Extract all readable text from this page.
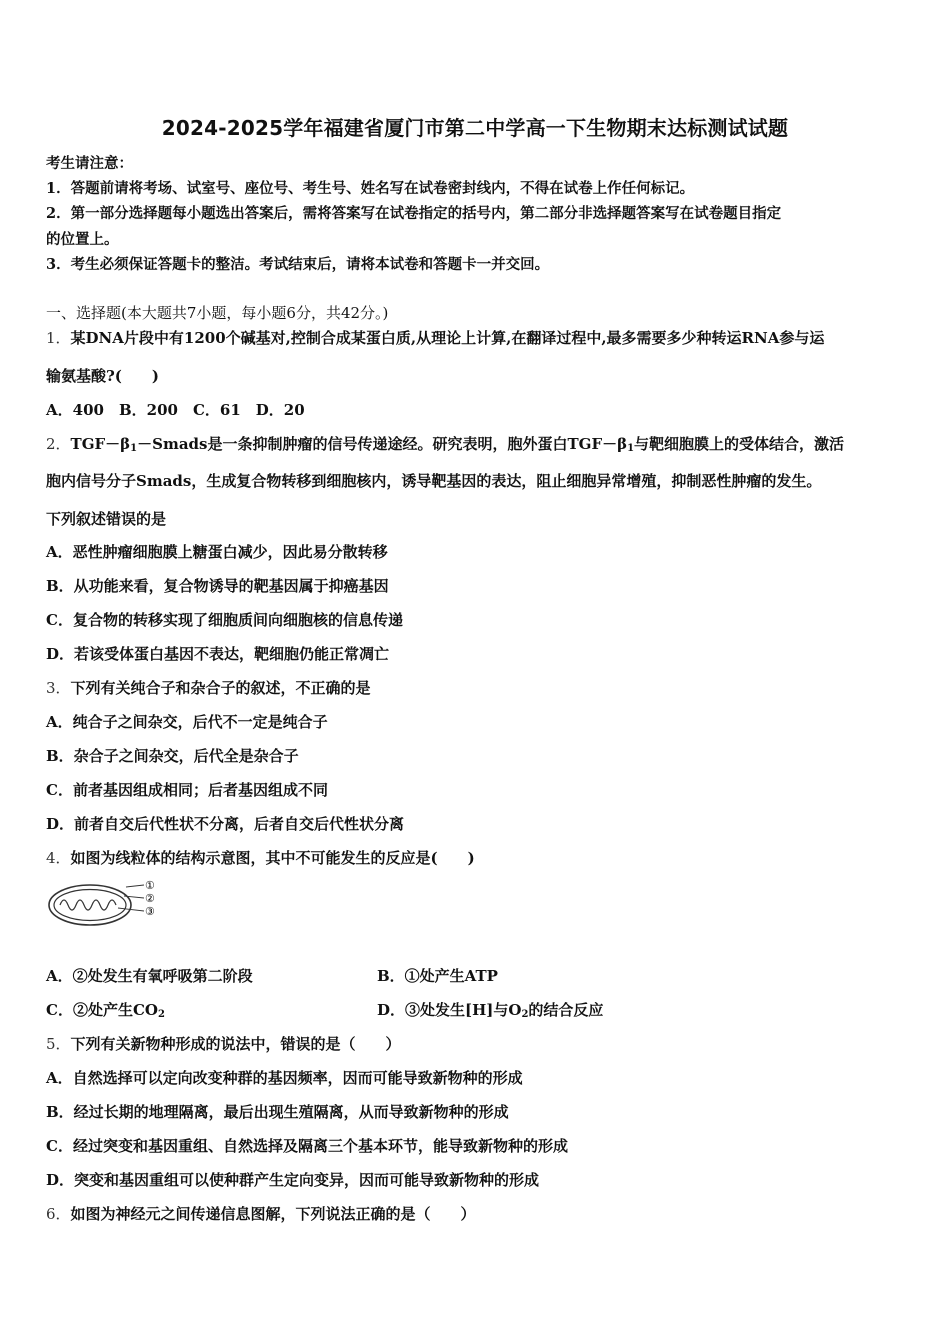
2024-2025学年福建省厦门市第二中学高一下生物期末达标测试试题
考生请注意：
1．答题前请将考场、试室号、座位号、考生号、姓名写在试卷密封线内，不得在试卷上作任何标记。
2．第一部分选择题每小题选出答案后，需将答案写在试卷指定的括号内，第二部分非选择题答案写在试卷题目指定
的位置上。
3．考生必须保证答题卡的整洁。考试结束后，请将本试卷和答题卡一并交回。
一、选择题(本大题共7小题，每小题6分，共42分。)
1．某DNA片段中有1200个碱基对,控制合成某蛋白质,从理论上计算,在翻译过程中,最多需要多少种转运RNA参与运
输氨基酸?(　　)
A．400　B．200　C．61　D．20
2．$TGF-\beta_1-Smads$是一条抑制肿瘤的信号传递途经。研究表明，胞外蛋白$TGF-\beta_1$与靶细胞膜上的受体结合，激活
胞内信号分子Smads，生成复合物转移到细胞核内，诱导靶基因的表达，阻止细胞异常增殖，抑制恶性肿瘤的发生。
下列叙述错误的是
A．恶性肿瘤细胞膜上糖蛋白减少，因此易分散转移
B．从功能来看，复合物诱导的靶基因属于抑癌基因
C．复合物的转移实现了细胞质间向细胞核的信息传递
D．若该受体蛋白基因不表达，靶细胞仍能正常凋亡
3．下列有关纯合子和杂合子的叙述，不正确的是
A．纯合子之间杂交，后代不一定是纯合子
B．杂合子之间杂交，后代全是杂合子
C．前者基因组成相同；后者基因组成不同
D．前者自交后代性状不分离，后者自交后代性状分离
4．如图为线粒体的结构示意图，其中不可能发生的反应是(　　)
①
②
③
A．②处发生有氧呼吸第二阶段	B．①处产生ATP
C．②处产生$CO_2$	D．③处发生[H]与$O_2$的结合反应
5．下列有关新物种形成的说法中，错误的是（　　）
A．自然选择可以定向改变种群的基因频率，因而可能导致新物种的形成
B．经过长期的地理隔离，最后出现生殖隔离，从而导致新物种的形成
C．经过突变和基因重组、自然选择及隔离三个基本环节，能导致新物种的形成
D．突变和基因重组可以使种群产生定向变异，因而可能导致新物种的形成
6．如图为神经元之间传递信息图解，下列说法正确的是（　　）
